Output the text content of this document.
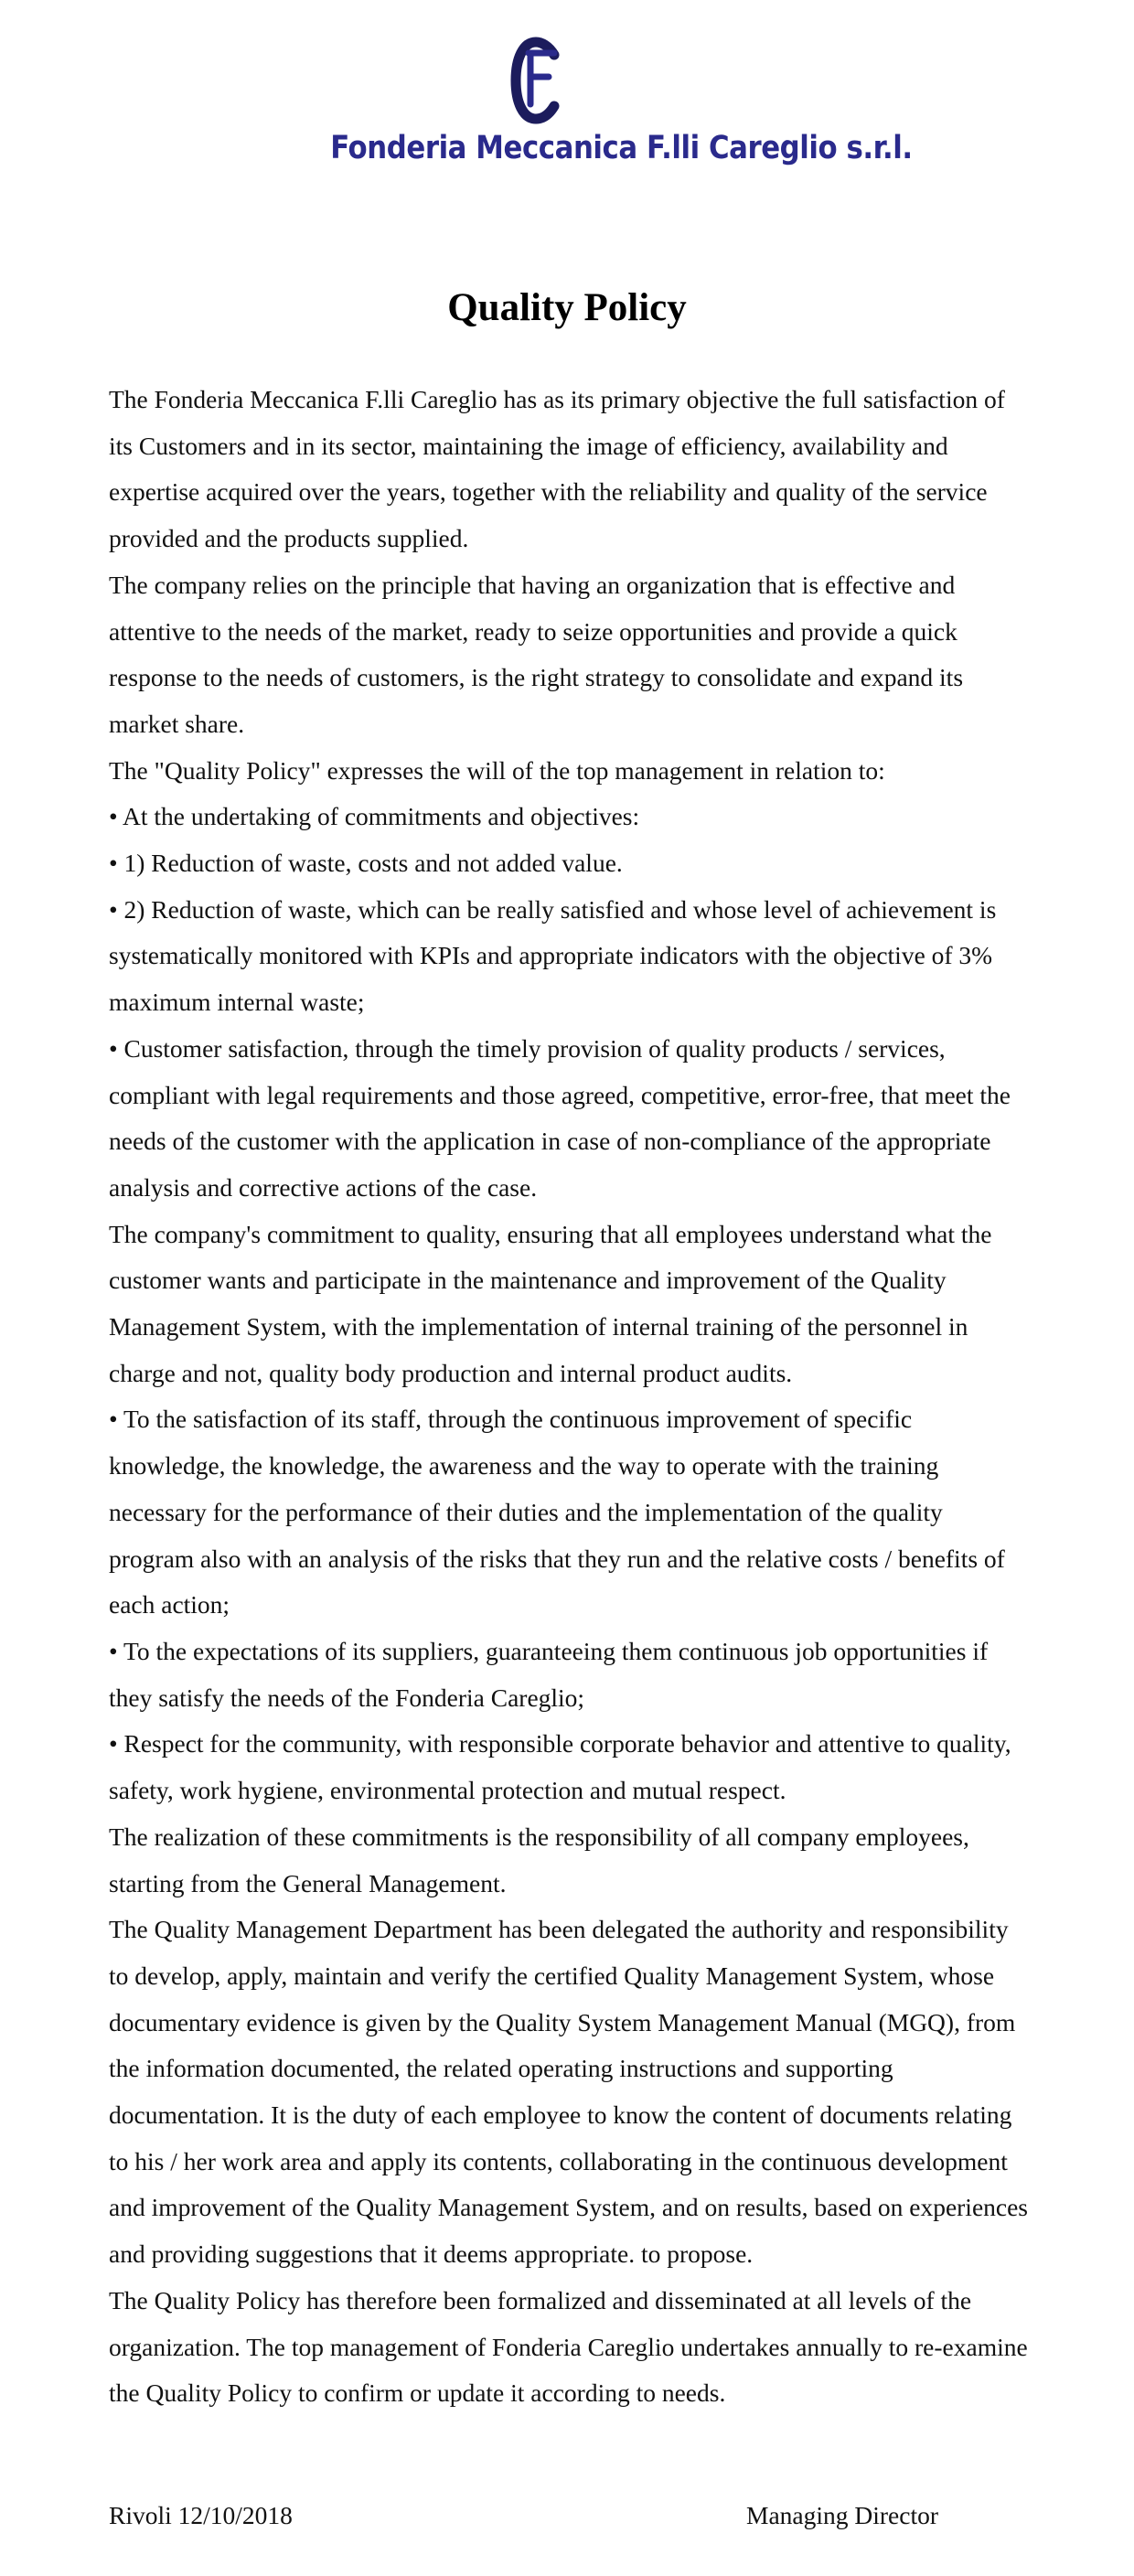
Fonderia Meccanica F.lli Careglio s.r.l.
Quality Policy

The Fonderia Meccanica F.lli Careglio has as its primary objective the full satisfaction of its Customers and in its sector, maintaining the image of efficiency, availability and expertise acquired over the years, together with the reliability and quality of the service provided and the products supplied.

The company relies on the principle that having an organization that is effective and attentive to the needs of the market, ready to seize opportunities and provide a quick response to the needs of customers, is the right strategy to consolidate and expand its market share.

The "Quality Policy" expresses the will of the top management in relation to:

• At the undertaking of commitments and objectives:

• 1) Reduction of waste, costs and not added value.

• 2) Reduction of waste, which can be really satisfied and whose level of achievement is systematically monitored with KPIs and appropriate indicators with the objective of 3% maximum internal waste;

• Customer satisfaction, through the timely provision of quality products / services, compliant with legal requirements and those agreed, competitive, error-free, that meet the needs of the customer with the application in case of non-compliance of the appropriate analysis and corrective actions of the case.

The company's commitment to quality, ensuring that all employees understand what the customer wants and participate in the maintenance and improvement of the Quality Management System, with the implementation of internal training of the personnel in charge and not, quality body production and internal product audits.

• To the satisfaction of its staff, through the continuous improvement of specific knowledge, the knowledge, the awareness and the way to operate with the training necessary for the performance of their duties and the implementation of the quality program also with an analysis of the risks that they run and the relative costs / benefits of each action;

• To the expectations of its suppliers, guaranteeing them continuous job opportunities if they satisfy the needs of the Fonderia Careglio;

• Respect for the community, with responsible corporate behavior and attentive to quality, safety, work hygiene, environmental protection and mutual respect.

The realization of these commitments is the responsibility of all company employees, starting from the General Management.

The Quality Management Department has been delegated the authority and responsibility to develop, apply, maintain and verify the certified Quality Management System, whose documentary evidence is given by the Quality System Management Manual (MGQ), from the information documented, the related operating instructions and supporting documentation. It is the duty of each employee to know the content of documents relating to his / her work area and apply its contents, collaborating in the continuous development and improvement of the Quality Management System, and on results, based on experiences and providing suggestions that it deems appropriate. to propose.

The Quality Policy has therefore been formalized and disseminated at all levels of the organization. The top management of Fonderia Careglio undertakes annually to re-examine the Quality Policy to confirm or update it according to needs.

Rivoli 12/10/2018	Managing Director
